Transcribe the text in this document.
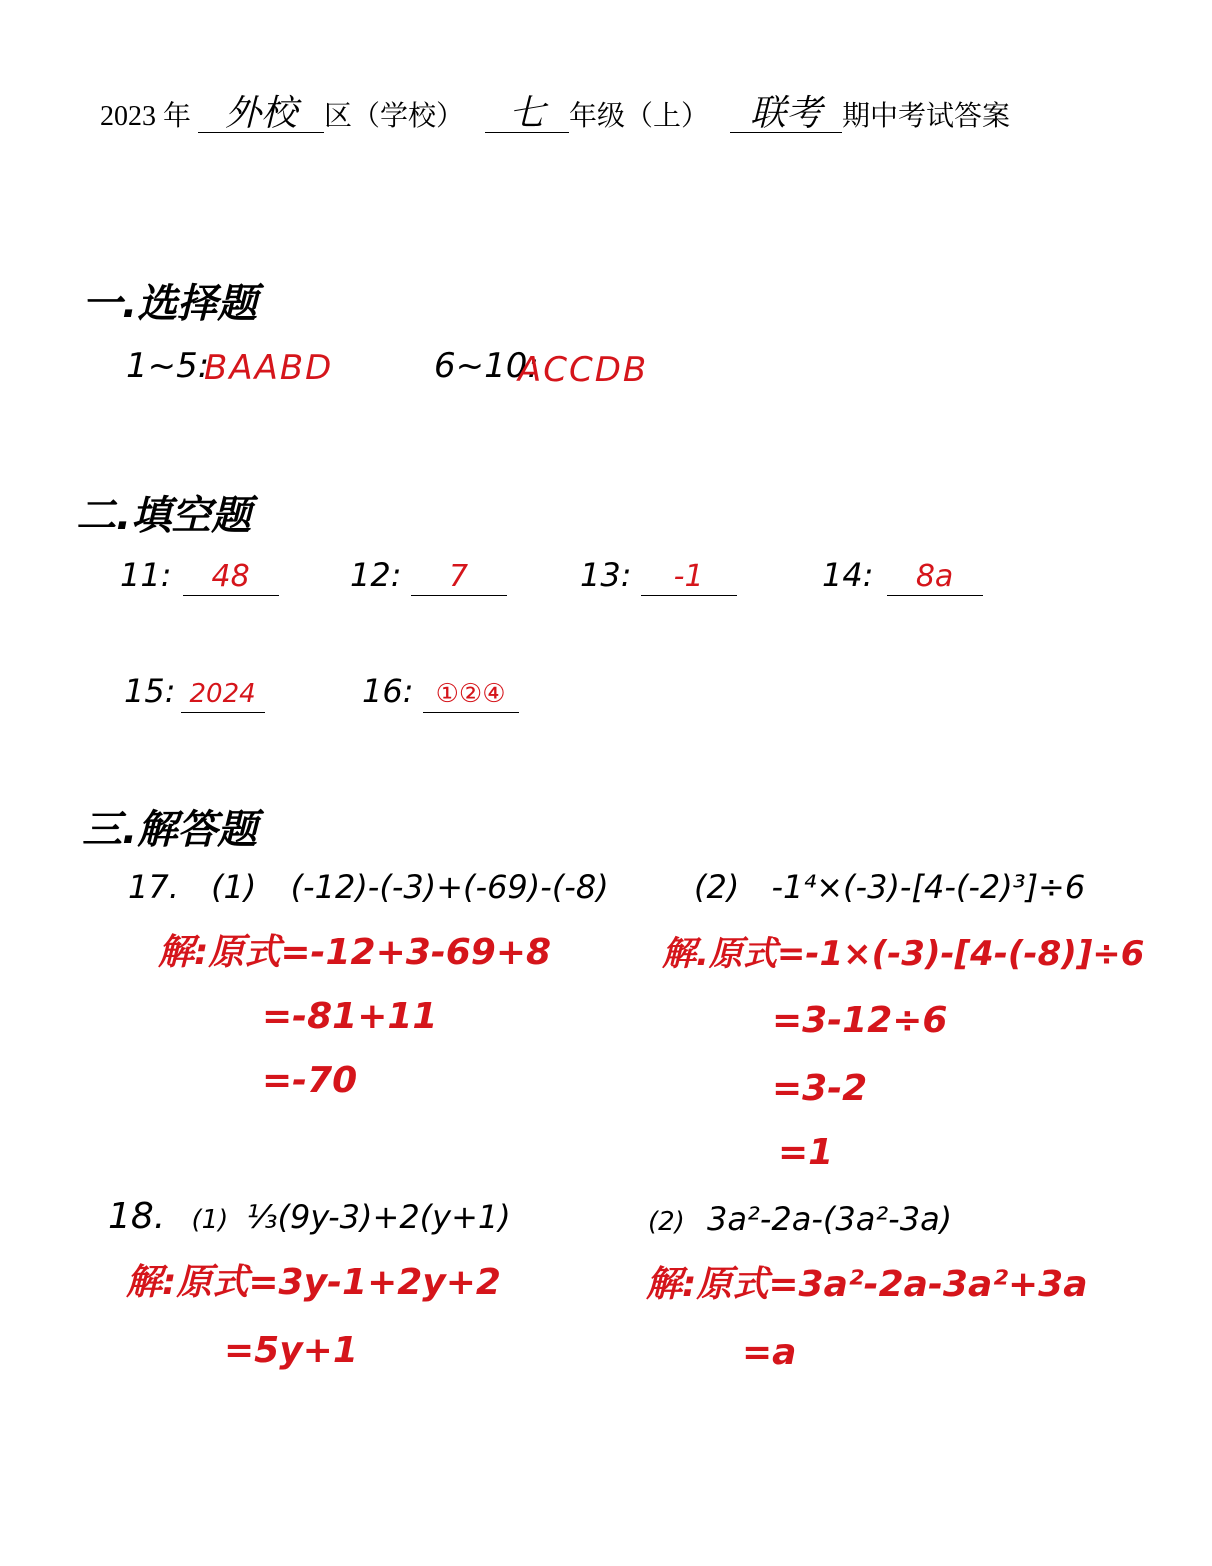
2023 年 外校 区（学校） 七 年级（上） 联考 期中考试答案
一.选择题
1~5:
BAABD	6~10:
ACCDB
二.填空题
11: 48	12: 7	13: -1	14: 8a
15: 2024	16: ①②④
三.解答题
17. (1) (-12)-(-3)+(-69)-(-8)
解:原式=-12+3-69+8
=-81+11
=-70
(2) -1⁴×(-3)-[4-(-2)³]÷6
解.原式=-1×(-3)-[4-(-8)]÷6
=3-12÷6
=3-2
=1
18. (1) ⅓(9y-3)+2(y+1)
解:原式=3y-1+2y+2
=5y+1
(2) 3a²-2a-(3a²-3a)
解:原式=3a²-2a-3a²+3a
=a
